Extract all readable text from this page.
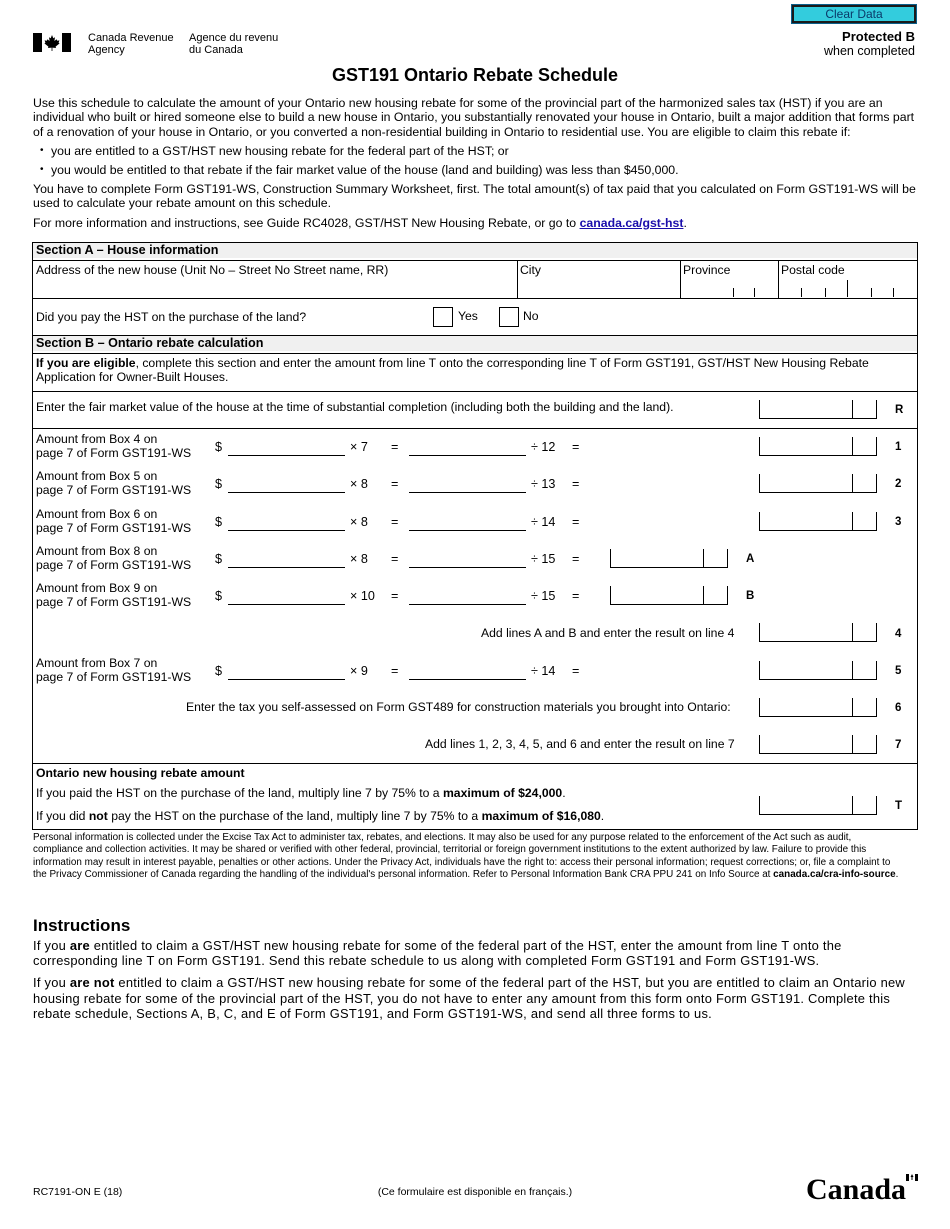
Clear Data
Canada Revenue
Agency
Agence du revenu
du Canada
Protected B
when completed
GST191 Ontario Rebate Schedule

Use this schedule to calculate the amount of your Ontario new housing rebate for some of the provincial part of the harmonized sales tax (HST) if you are an individual who built or hired someone else to build a new house in Ontario, you substantially renovated your house in Ontario, built a major addition that forms part of a renovation of your house in Ontario, or you converted a non-residential building in Ontario to residential use. You are eligible to claim this rebate if:

• you are entitled to a GST/HST new housing rebate for the federal part of the HST; or
• you would be entitled to that rebate if the fair market value of the house (land and building) was less than $450,000.

You have to complete Form GST191-WS, Construction Summary Worksheet, first. The total amount(s) of tax paid that you calculated on Form GST191-WS will be used to calculate your rebate amount on this schedule.

For more information and instructions, see Guide RC4028, GST/HST New Housing Rebate, or go to canada.ca/gst-hst.

Section A – House information
Address of the new house (Unit No – Street No Street name, RR)	City	Province	Postal code
Did you pay the HST on the purchase of the land?	Yes	No
Section B – Ontario rebate calculation
If you are eligible, complete this section and enter the amount from line T onto the corresponding line T of Form GST191, GST/HST New Housing Rebate Application for Owner-Built Houses.
Enter the fair market value of the house at the time of substantial completion (including both the building and the land).	R
Amount from Box 4 on
page 7 of Form GST191-WS $	× 7 =	÷ 12 =	1
Amount from Box 5 on
page 7 of Form GST191-WS $	× 8 =	÷ 13 =	2
Amount from Box 6 on
page 7 of Form GST191-WS $	× 8 =	÷ 14 =	3
Amount from Box 8 on
page 7 of Form GST191-WS $	× 8 =	÷ 15 =	A
Amount from Box 9 on
page 7 of Form GST191-WS $	× 10 =	÷ 15 =	B
Add lines A and B and enter the result on line 4	4
Amount from Box 7 on
page 7 of Form GST191-WS $	× 9 =	÷ 14 =	5
Enter the tax you self-assessed on Form GST489 for construction materials you brought into Ontario:	6
Add lines 1, 2, 3, 4, 5, and 6 and enter the result on line 7	7
Ontario new housing rebate amount
If you paid the HST on the purchase of the land, multiply line 7 by 75% to a maximum of $24,000.
If you did not pay the HST on the purchase of the land, multiply line 7 by 75% to a maximum of $16,080.
T
Personal information is collected under the Excise Tax Act to administer tax, rebates, and elections. It may also be used for any purpose related to the enforcement of the Act such as audit, compliance and collection activities. It may be shared or verified with other federal, provincial, territorial or foreign government institutions to the extent authorized by law. Failure to provide this information may result in interest payable, penalties or other actions. Under the Privacy Act, individuals have the right to: access their personal information; request corrections; or, file a complaint to the Privacy Commissioner of Canada regarding the handling of the individual's personal information. Refer to Personal Information Bank CRA PPU 241 on Info Source at canada.ca/cra-info-source.
Instructions

If you are entitled to claim a GST/HST new housing rebate for some of the federal part of the HST, enter the amount from line T onto the corresponding line T on Form GST191. Send this rebate schedule to us along with completed Form GST191 and Form GST191-WS.

If you are not entitled to claim a GST/HST new housing rebate for some of the federal part of the HST, but you are entitled to claim an Ontario new housing rebate for some of the provincial part of the HST, you do not have to enter any amount from this form onto Form GST191. Complete this rebate schedule, Sections A, B, C, and E of Form GST191, and Form GST191-WS, and send all three forms to us.

RC7191-ON E (18)	(Ce formulaire est disponible en français.)	Canada
